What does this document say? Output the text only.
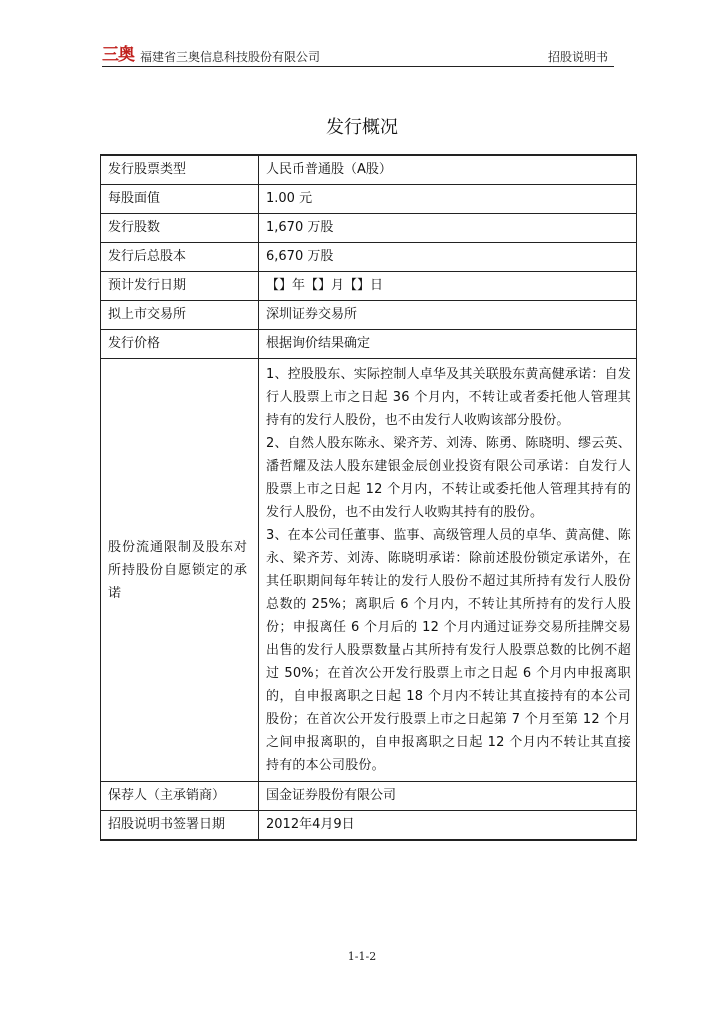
三奥 福建省三奥信息科技股份有限公司	招股说明书
发行概况
发行股票类型	人民币普通股（A股）
每股面值	1.00 元
发行股数	1,670 万股
发行后总股本	6,670 万股
预计发行日期	【】年【】月【】日
拟上市交易所	深圳证券交易所
发行价格	根据询价结果确定
股份流通限制及股东对所持股份自愿锁定的承诺	1、控股股东、实际控制人卓华及其关联股东黄高健承诺：自发行人股票上市之日起 36 个月内，不转让或者委托他人管理其持有的发行人股份，也不由发行人收购该部分股份。

2、自然人股东陈永、梁齐芳、刘涛、陈勇、陈晓明、缪云英、潘哲耀及法人股东建银金辰创业投资有限公司承诺：自发行人股票上市之日起 12 个月内，不转让或委托他人管理其持有的发行人股份，也不由发行人收购其持有的股份。

3、在本公司任董事、监事、高级管理人员的卓华、黄高健、陈永、梁齐芳、刘涛、陈晓明承诺：除前述股份锁定承诺外，在其任职期间每年转让的发行人股份不超过其所持有发行人股份总数的 25%；离职后 6 个月内，不转让其所持有的发行人股份；申报离任 6 个月后的 12 个月内通过证券交易所挂牌交易出售的发行人股票数量占其所持有发行人股票总数的比例不超过 50%；在首次公开发行股票上市之日起 6 个月内申报离职的，自申报离职之日起 18 个月内不转让其直接持有的本公司股份；在首次公开发行股票上市之日起第 7 个月至第 12 个月之间申报离职的，自申报离职之日起 12 个月内不转让其直接持有的本公司股份。

保荐人（主承销商）	国金证券股份有限公司
招股说明书签署日期	2012年4月9日
1-1-2
